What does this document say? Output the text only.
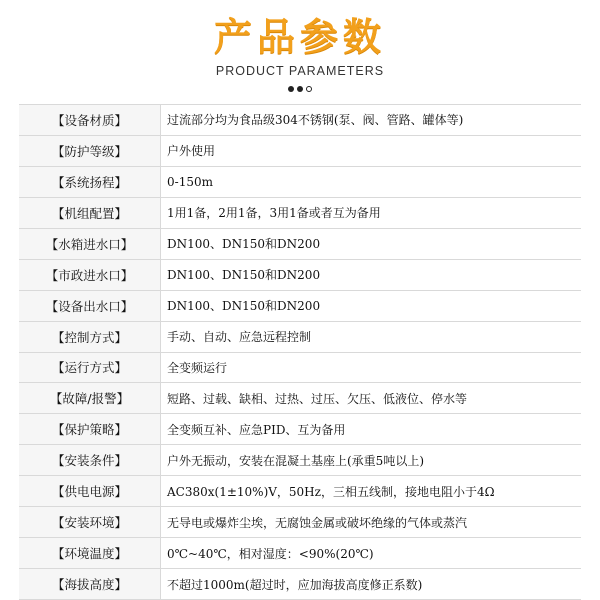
产品参数
PRODUCT PARAMETERS
【设备材质】	过流部分均为食品级304不锈钢(泵、阀、管路、罐体等)
【防护等级】	户外使用
【系统扬程】	0-150m
【机组配置】	1用1备，2用1备，3用1备或者互为备用
【水箱进水口】	DN100、DN150和DN200
【市政进水口】	DN100、DN150和DN200
【设备出水口】	DN100、DN150和DN200
【控制方式】	手动、自动、应急远程控制
【运行方式】	全变频运行
【故障/报警】	短路、过载、缺相、过热、过压、欠压、低液位、停水等
【保护策略】	全变频互补、应急PID、互为备用
【安装条件】	户外无振动，安装在混凝土基座上(承重5吨以上)
【供电电源】	AC380x(1±10%)V，50Hz，三相五线制，接地电阻小于4Ω
【安装环境】	无导电或爆炸尘埃，无腐蚀金属或破坏绝缘的气体或蒸汽
【环境温度】	0℃~40℃，相对湿度：<90%(20℃)
【海拔高度】	不超过1000m(超过时，应加海拔高度修正系数)
